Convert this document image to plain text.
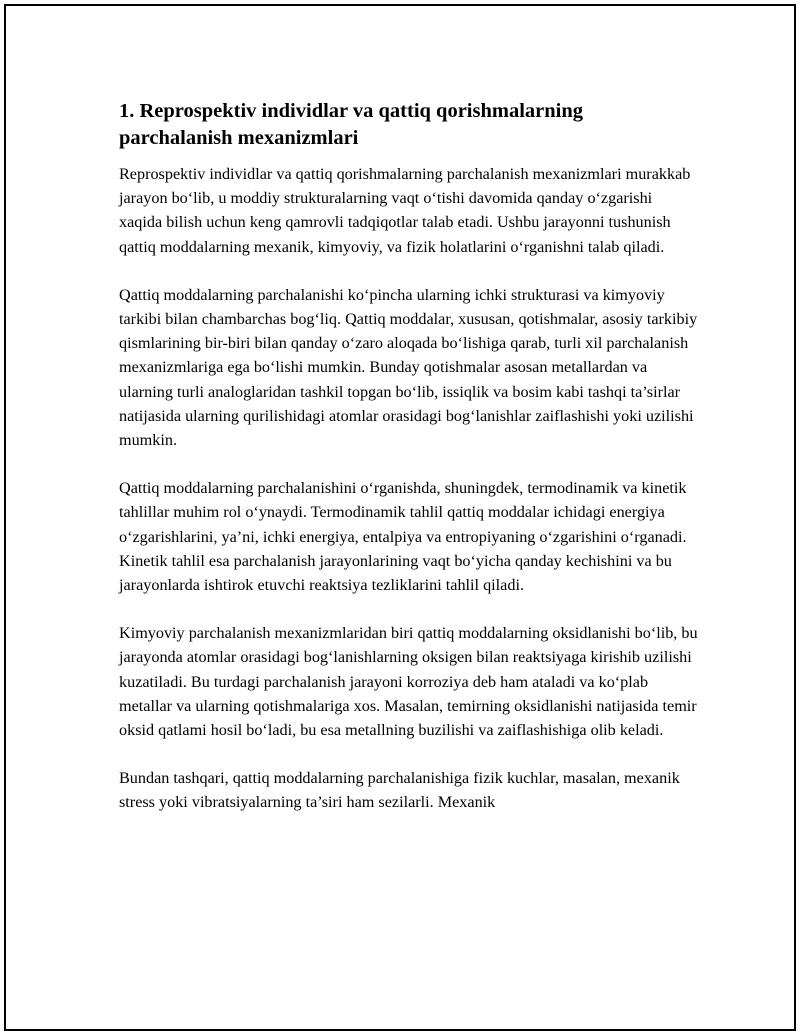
1. Reprospektiv individlar va qattiq qorishmalarning parchalanish mexanizmlari

Reprospektiv individlar va qattiq qorishmalarning parchalanish mexanizmlari murakkab jarayon bo‘lib, u moddiy strukturalarning vaqt o‘tishi davomida qanday o‘zgarishi xaqida bilish uchun keng qamrovli tadqiqotlar talab etadi. Ushbu jarayonni tushunish qattiq moddalarning mexanik, kimyoviy, va fizik holatlarini o‘rganishni talab qiladi.

Qattiq moddalarning parchalanishi ko‘pincha ularning ichki strukturasi va kimyoviy tarkibi bilan chambarchas bog‘liq. Qattiq moddalar, xususan, qotishmalar, asosiy tarkibiy qismlarining bir-biri bilan qanday o‘zaro aloqada bo‘lishiga qarab, turli xil parchalanish mexanizmlariga ega bo‘lishi mumkin. Bunday qotishmalar asosan metallardan va ularning turli analoglaridan tashkil topgan bo‘lib, issiqlik va bosim kabi tashqi ta’sirlar natijasida ularning qurilishidagi atomlar orasidagi bog‘lanishlar zaiflashishi yoki uzilishi mumkin.

Qattiq moddalarning parchalanishini o‘rganishda, shuningdek, termodinamik va kinetik tahlillar muhim rol o‘ynaydi. Termodinamik tahlil qattiq moddalar ichidagi energiya o‘zgarishlarini, ya’ni, ichki energiya, entalpiya va entropiyaning o‘zgarishini o‘rganadi. Kinetik tahlil esa parchalanish jarayonlarining vaqt bo‘yicha qanday kechishini va bu jarayonlarda ishtirok etuvchi reaktsiya tezliklarini tahlil qiladi.

Kimyoviy parchalanish mexanizmlaridan biri qattiq moddalarning oksidlanishi bo‘lib, bu jarayonda atomlar orasidagi bog‘lanishlarning oksigen bilan reaktsiyaga kirishib uzilishi kuzatiladi. Bu turdagi parchalanish jarayoni korroziya deb ham ataladi va ko‘plab metallar va ularning qotishmalariga xos. Masalan, temirning oksidlanishi natijasida temir oksid qatlami hosil bo‘ladi, bu esa metallning buzilishi va zaiflashishiga olib keladi.

Bundan tashqari, qattiq moddalarning parchalanishiga fizik kuchlar, masalan, mexanik stress yoki vibratsiyalarning ta’siri ham sezilarli. Mexanik
